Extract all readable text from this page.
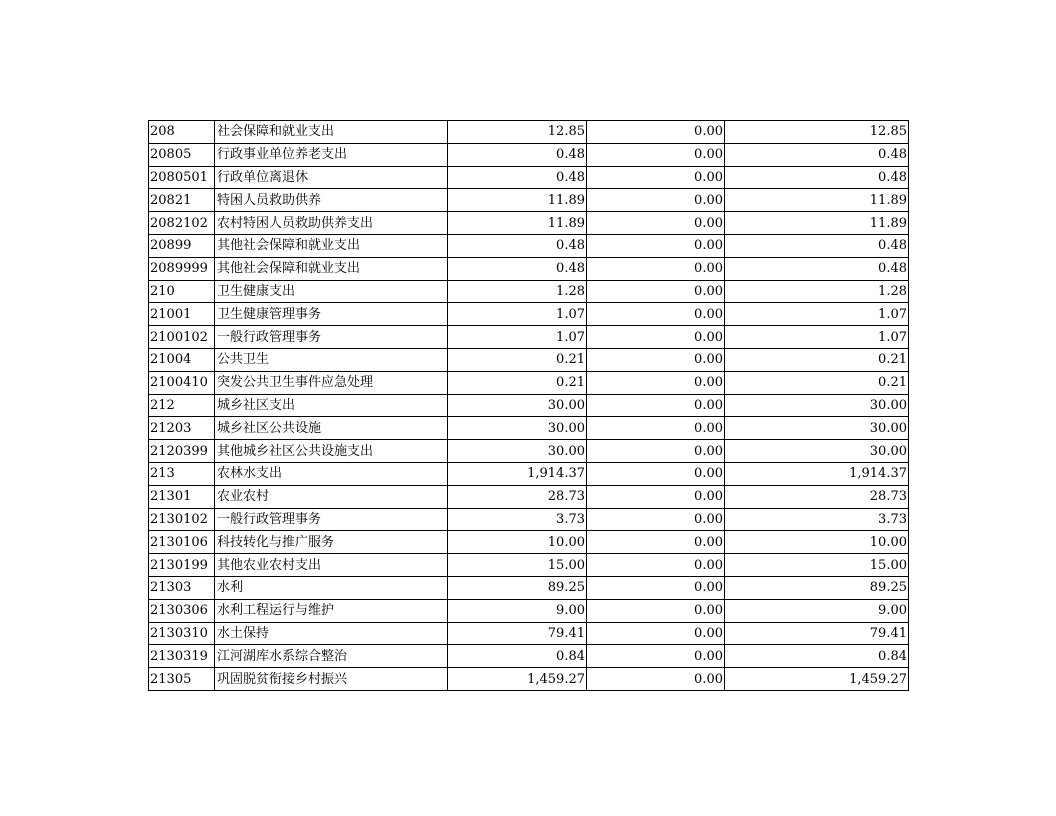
208	社会保障和就业支出	12.85	0.00	12.85
20805	行政事业单位养老支出	0.48	0.00	0.48
2080501	行政单位离退休	0.48	0.00	0.48
20821	特困人员救助供养	11.89	0.00	11.89
2082102	农村特困人员救助供养支出	11.89	0.00	11.89
20899	其他社会保障和就业支出	0.48	0.00	0.48
2089999	其他社会保障和就业支出	0.48	0.00	0.48
210	卫生健康支出	1.28	0.00	1.28
21001	卫生健康管理事务	1.07	0.00	1.07
2100102	一般行政管理事务	1.07	0.00	1.07
21004	公共卫生	0.21	0.00	0.21
2100410	突发公共卫生事件应急处理	0.21	0.00	0.21
212	城乡社区支出	30.00	0.00	30.00
21203	城乡社区公共设施	30.00	0.00	30.00
2120399	其他城乡社区公共设施支出	30.00	0.00	30.00
213	农林水支出	1,914.37	0.00	1,914.37
21301	农业农村	28.73	0.00	28.73
2130102	一般行政管理事务	3.73	0.00	3.73
2130106	科技转化与推广服务	10.00	0.00	10.00
2130199	其他农业农村支出	15.00	0.00	15.00
21303	水利	89.25	0.00	89.25
2130306	水利工程运行与维护	9.00	0.00	9.00
2130310	水土保持	79.41	0.00	79.41
2130319	江河湖库水系综合整治	0.84	0.00	0.84
21305	巩固脱贫衔接乡村振兴	1,459.27	0.00	1,459.27
